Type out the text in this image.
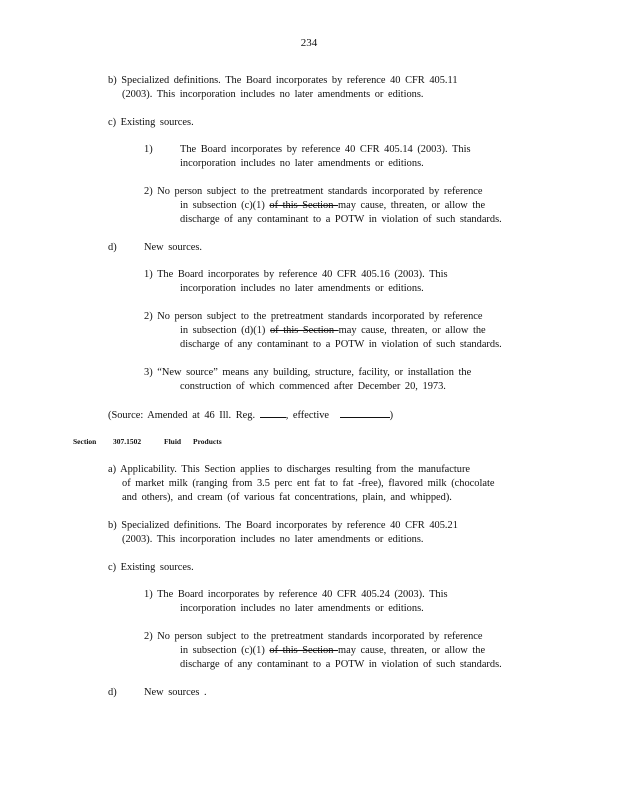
234
b) Specialized definitions. The Board incorporates by reference 40 CFR 405.11
(2003). This incorporation includes no later amendments or editions.
c) Existing sources.
1)	The Board incorporates by reference 40 CFR 405.14 (2003). This
incorporation includes no later amendments or editions.
2) No person subject to the pretreatment standards incorporated by reference
in subsection (c)(1) of this Section may cause, threaten, or allow the
discharge of any contaminant to a POTW in violation of such standards.
d)	New sources.
1) The Board incorporates by reference 40 CFR 405.16 (2003). This
incorporation includes no later amendments or editions.
2) No person subject to the pretreatment standards incorporated by reference
in subsection (d)(1) of this Section may cause, threaten, or allow the
discharge of any contaminant to a POTW in violation of such standards.
3) “New source” means any building, structure, facility, or installation the
construction of which commenced after December 20, 1973.
(Source: Amended at 46 Ill. Reg.	, effective	)
Section 307.1502	Fluid Products
a) Applicability. This Section applies to discharges resulting from the manufacture
of market milk (ranging from 3.5 perc ent fat to fat -free), flavored milk (chocolate
and others), and cream (of various fat concentrations, plain, and whipped).
b) Specialized definitions. The Board incorporates by reference 40 CFR 405.21
(2003). This incorporation includes no later amendments or editions.
c) Existing sources.
1) The Board incorporates by reference 40 CFR 405.24 (2003). This
incorporation includes no later amendments or editions.
2) No person subject to the pretreatment standards incorporated by reference
in subsection (c)(1) of this Section may cause, threaten, or allow the
discharge of any contaminant to a POTW in violation of such standards.
d)	New sources .
